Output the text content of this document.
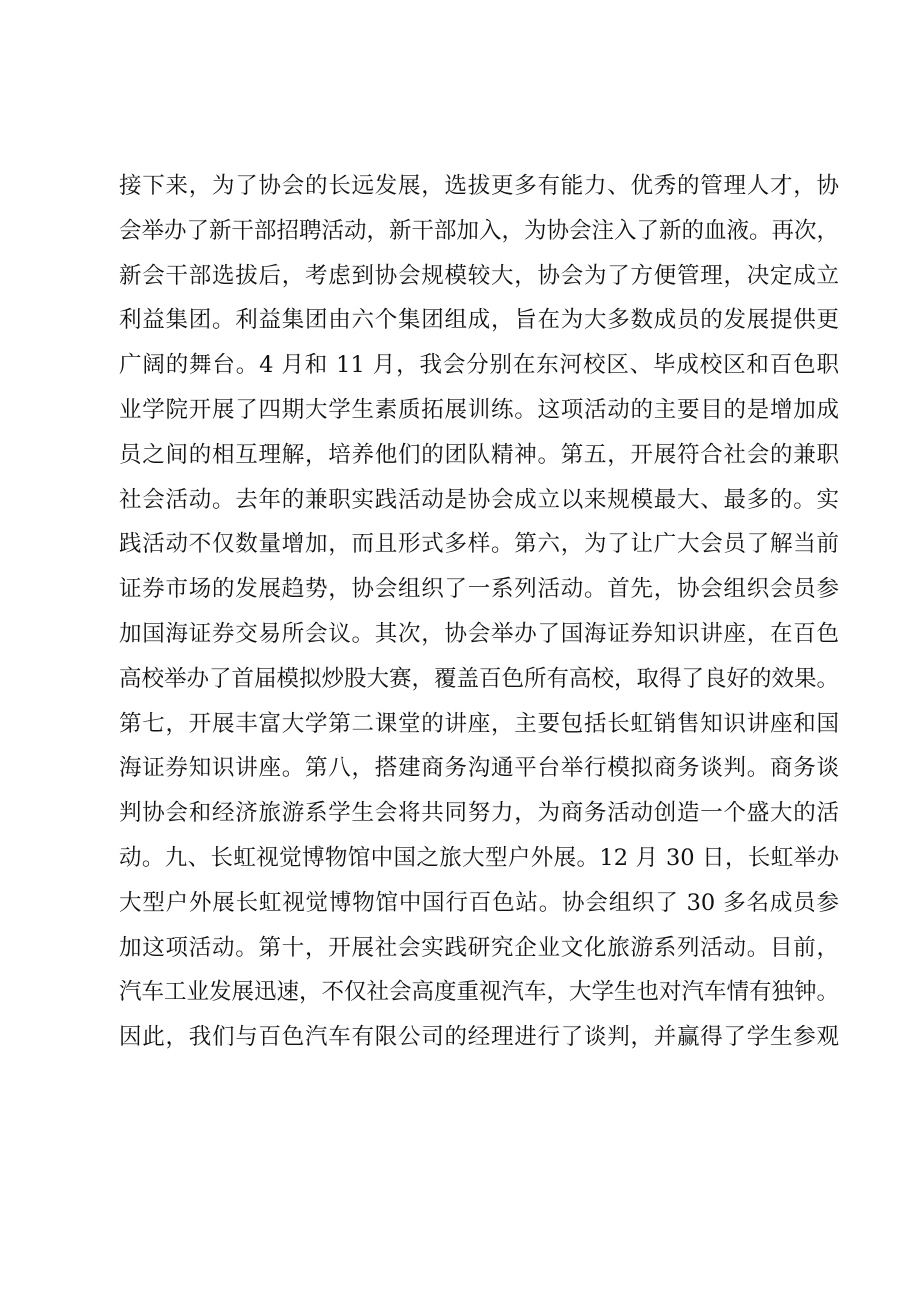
接下来，为了协会的长远发展，选拔更多有能力、优秀的管理人才，协
会举办了新干部招聘活动，新干部加入，为协会注入了新的血液。再次，
新会干部选拔后，考虑到协会规模较大，协会为了方便管理，决定成立
利益集团。利益集团由六个集团组成，旨在为大多数成员的发展提供更
广阔的舞台。4 月和 11 月，我会分别在东河校区、毕成校区和百色职
业学院开展了四期大学生素质拓展训练。这项活动的主要目的是增加成
员之间的相互理解，培养他们的团队精神。第五，开展符合社会的兼职
社会活动。去年的兼职实践活动是协会成立以来规模最大、最多的。实
践活动不仅数量增加，而且形式多样。第六，为了让广大会员了解当前
证券市场的发展趋势，协会组织了一系列活动。首先，协会组织会员参
加国海证券交易所会议。其次，协会举办了国海证券知识讲座，在百色
高校举办了首届模拟炒股大赛，覆盖百色所有高校，取得了良好的效果。
第七，开展丰富大学第二课堂的讲座，主要包括长虹销售知识讲座和国
海证券知识讲座。第八，搭建商务沟通平台举行模拟商务谈判。商务谈
判协会和经济旅游系学生会将共同努力，为商务活动创造一个盛大的活
动。九、长虹视觉博物馆中国之旅大型户外展。12 月 30 日，长虹举办
大型户外展长虹视觉博物馆中国行百色站。协会组织了 30 多名成员参
加这项活动。第十，开展社会实践研究企业文化旅游系列活动。目前，
汽车工业发展迅速，不仅社会高度重视汽车，大学生也对汽车情有独钟。
因此，我们与百色汽车有限公司的经理进行了谈判，并赢得了学生参观
